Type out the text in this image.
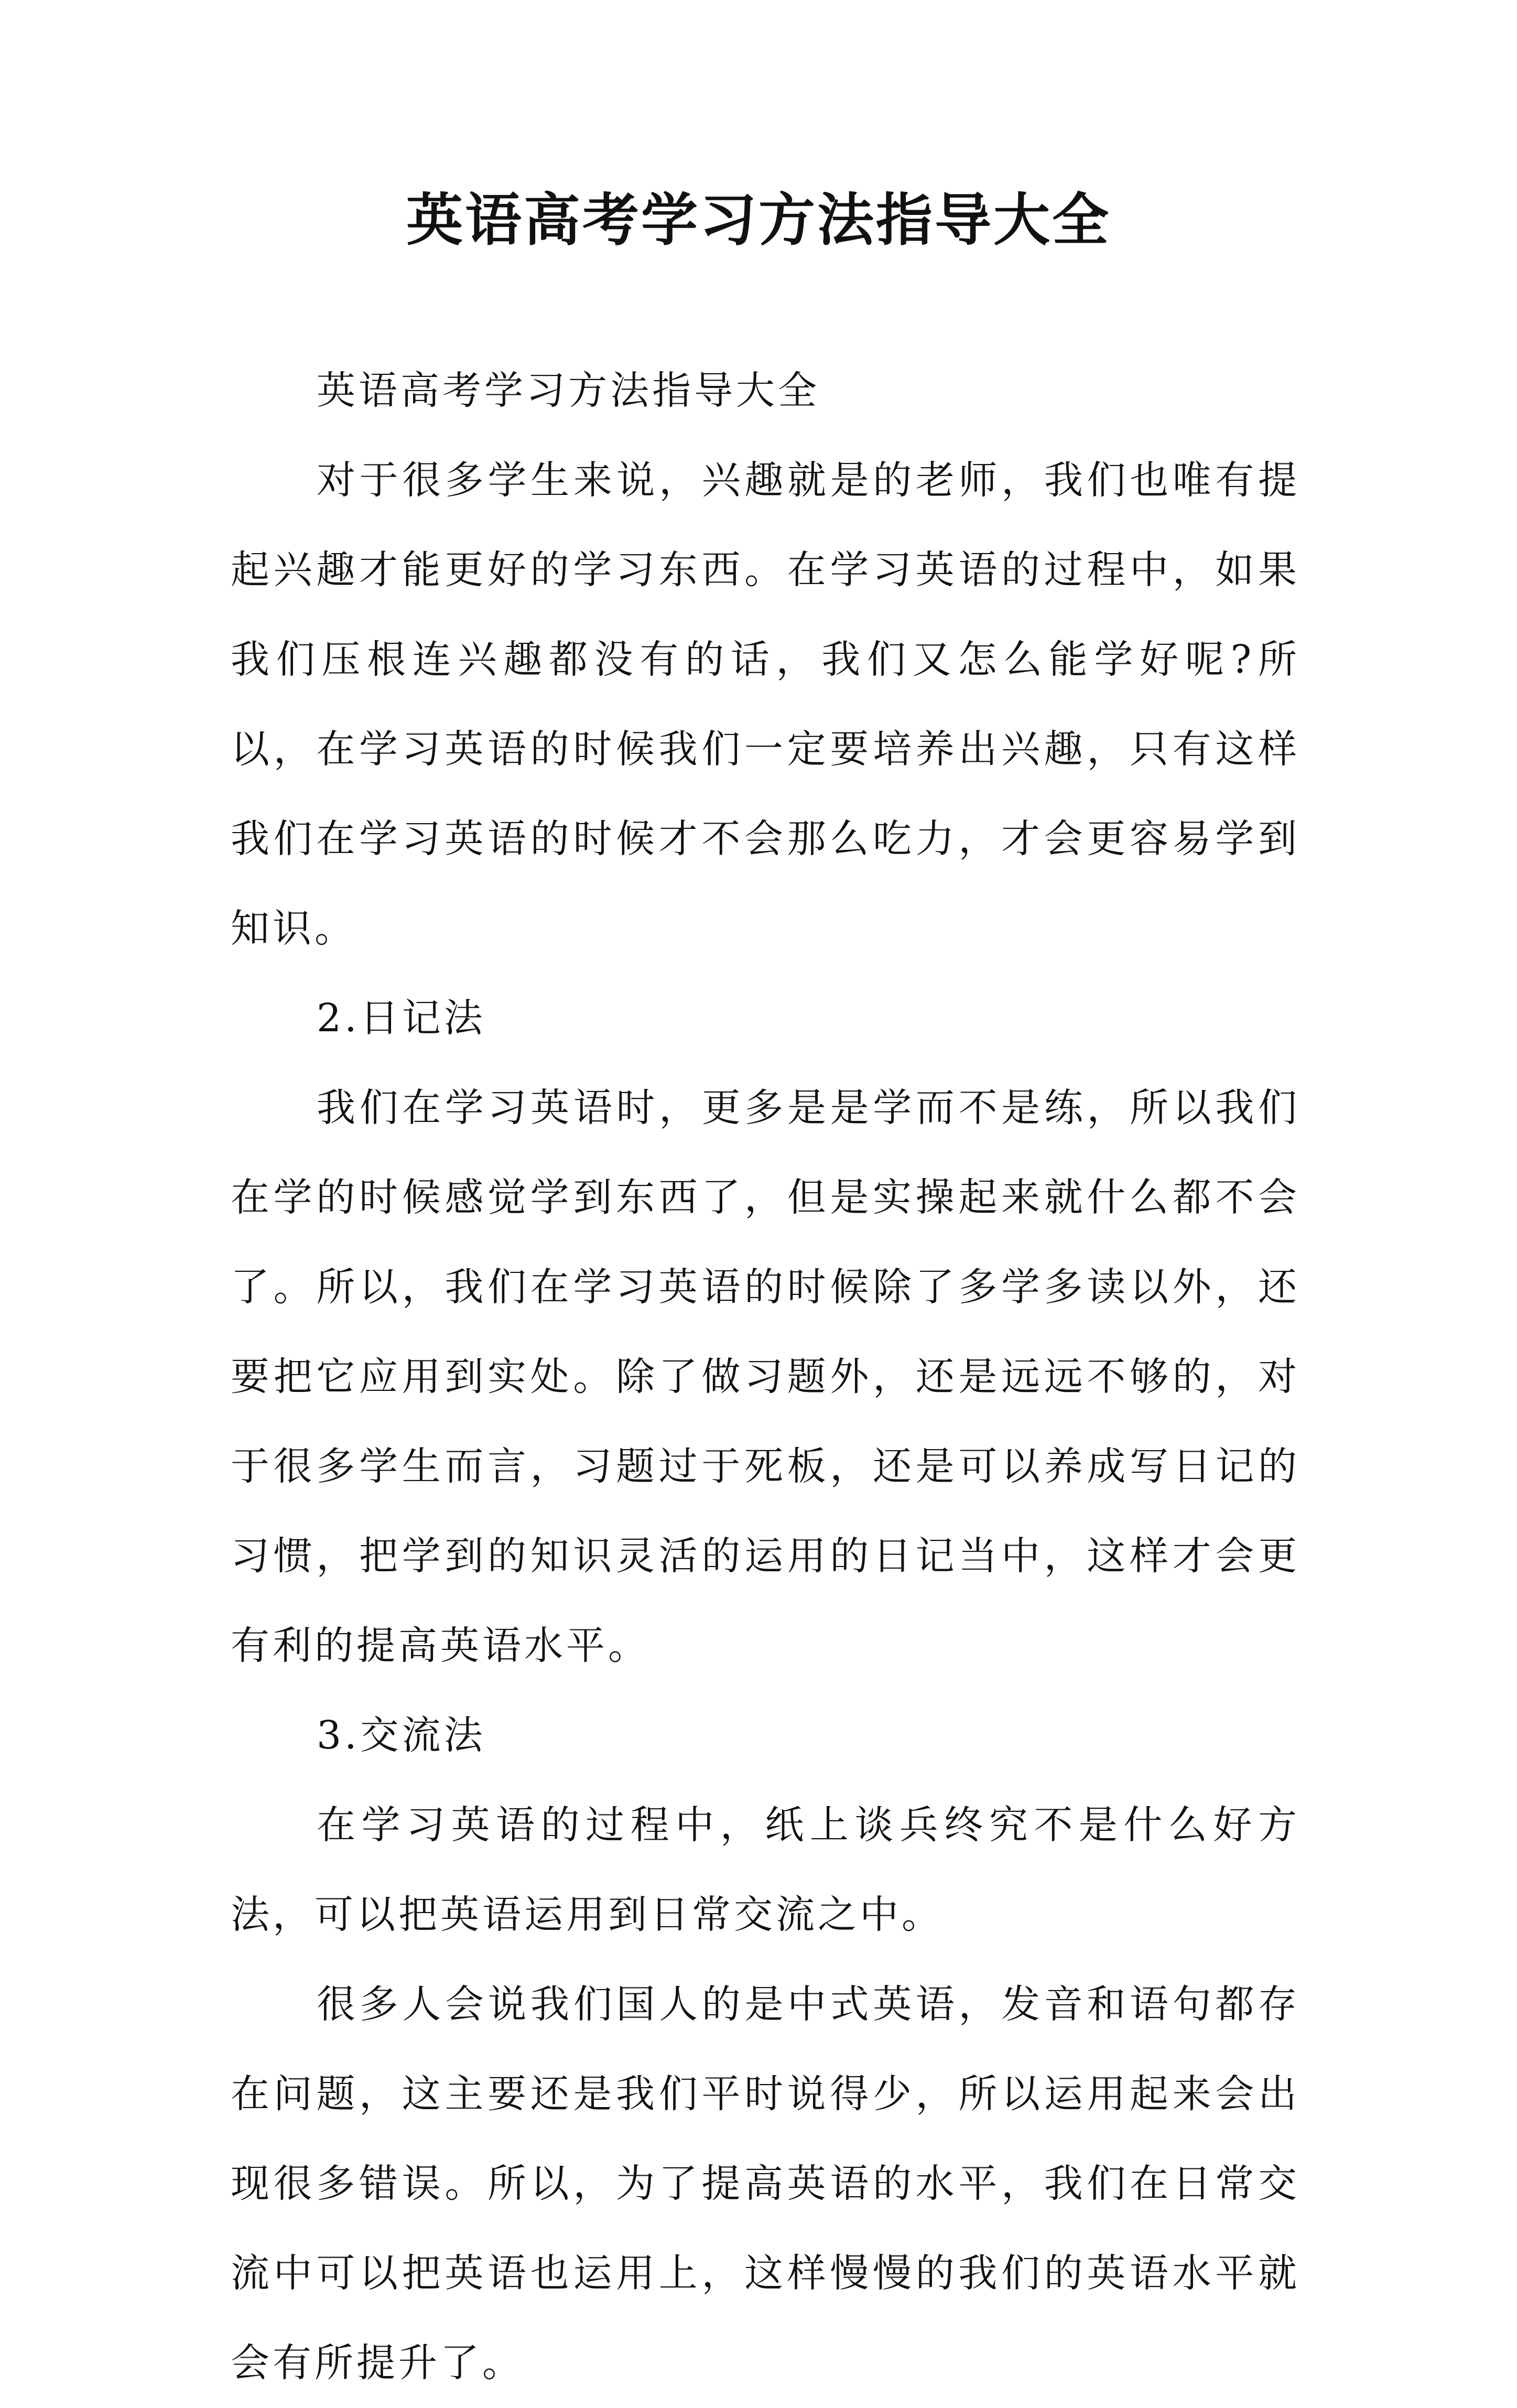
英语高考学习方法指导大全

英语高考学习方法指导大全

对于很多学生来说，兴趣就是的老师，我们也唯有提起兴趣才能更好的学习东西。在学习英语的过程中，如果我们压根连兴趣都没有的话，我们又怎么能学好呢?所以，在学习英语的时候我们一定要培养出兴趣，只有这样我们在学习英语的时候才不会那么吃力，才会更容易学到知识。

2.日记法

我们在学习英语时，更多是是学而不是练，所以我们在学的时候感觉学到东西了，但是实操起来就什么都不会了。所以，我们在学习英语的时候除了多学多读以外，还要把它应用到实处。除了做习题外，还是远远不够的，对于很多学生而言，习题过于死板，还是可以养成写日记的习惯，把学到的知识灵活的运用的日记当中，这样才会更有利的提高英语水平。

3.交流法

在学习英语的过程中，纸上谈兵终究不是什么好方法，可以把英语运用到日常交流之中。

很多人会说我们国人的是中式英语，发音和语句都存在问题，这主要还是我们平时说得少，所以运用起来会出现很多错误。所以，为了提高英语的水平，我们在日常交流中可以把英语也运用上，这样慢慢的我们的英语水平就会有所提升了。
